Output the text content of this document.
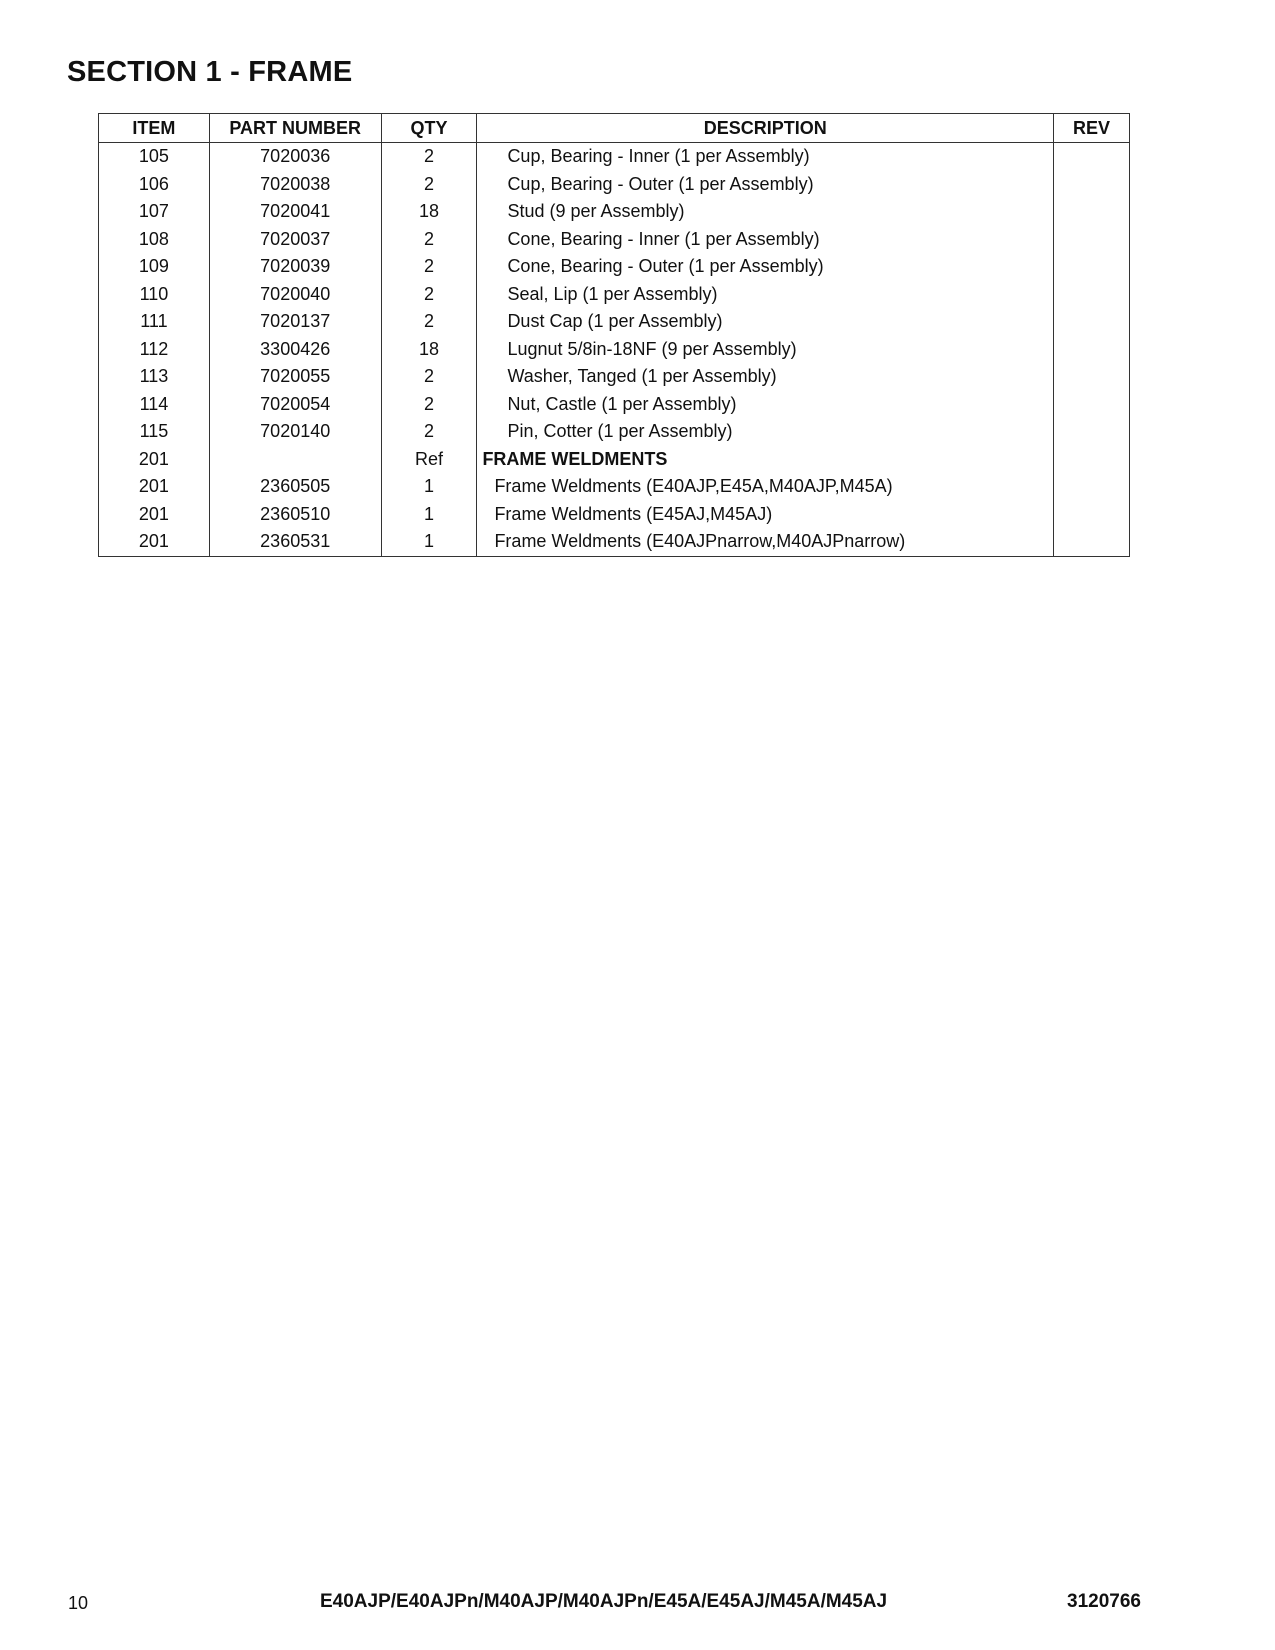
SECTION 1 - FRAME
ITEM	PART NUMBER	QTY	DESCRIPTION	REV
105	7020036	2	Cup, Bearing - Inner (1 per Assembly)	
106	7020038	2	Cup, Bearing - Outer (1 per Assembly)	
107	7020041	18	Stud (9 per Assembly)	
108	7020037	2	Cone, Bearing - Inner (1 per Assembly)	
109	7020039	2	Cone, Bearing - Outer (1 per Assembly)	
110	7020040	2	Seal, Lip (1 per Assembly)	
111	7020137	2	Dust Cap (1 per Assembly)	
112	3300426	18	Lugnut 5/8in-18NF (9 per Assembly)	
113	7020055	2	Washer, Tanged (1 per Assembly)	
114	7020054	2	Nut, Castle (1 per Assembly)	
115	7020140	2	Pin, Cotter (1 per Assembly)	
201		Ref	FRAME WELDMENTS	
201	2360505	1	Frame Weldments (E40AJP,E45A,M40AJP,M45A)	
201	2360510	1	Frame Weldments (E45AJ,M45AJ)	
201	2360531	1	Frame Weldments (E40AJPnarrow,M40AJPnarrow)	
10	E40AJP/E40AJPn/M40AJP/M40AJPn/E45A/E45AJ/M45A/M45AJ	3120766
